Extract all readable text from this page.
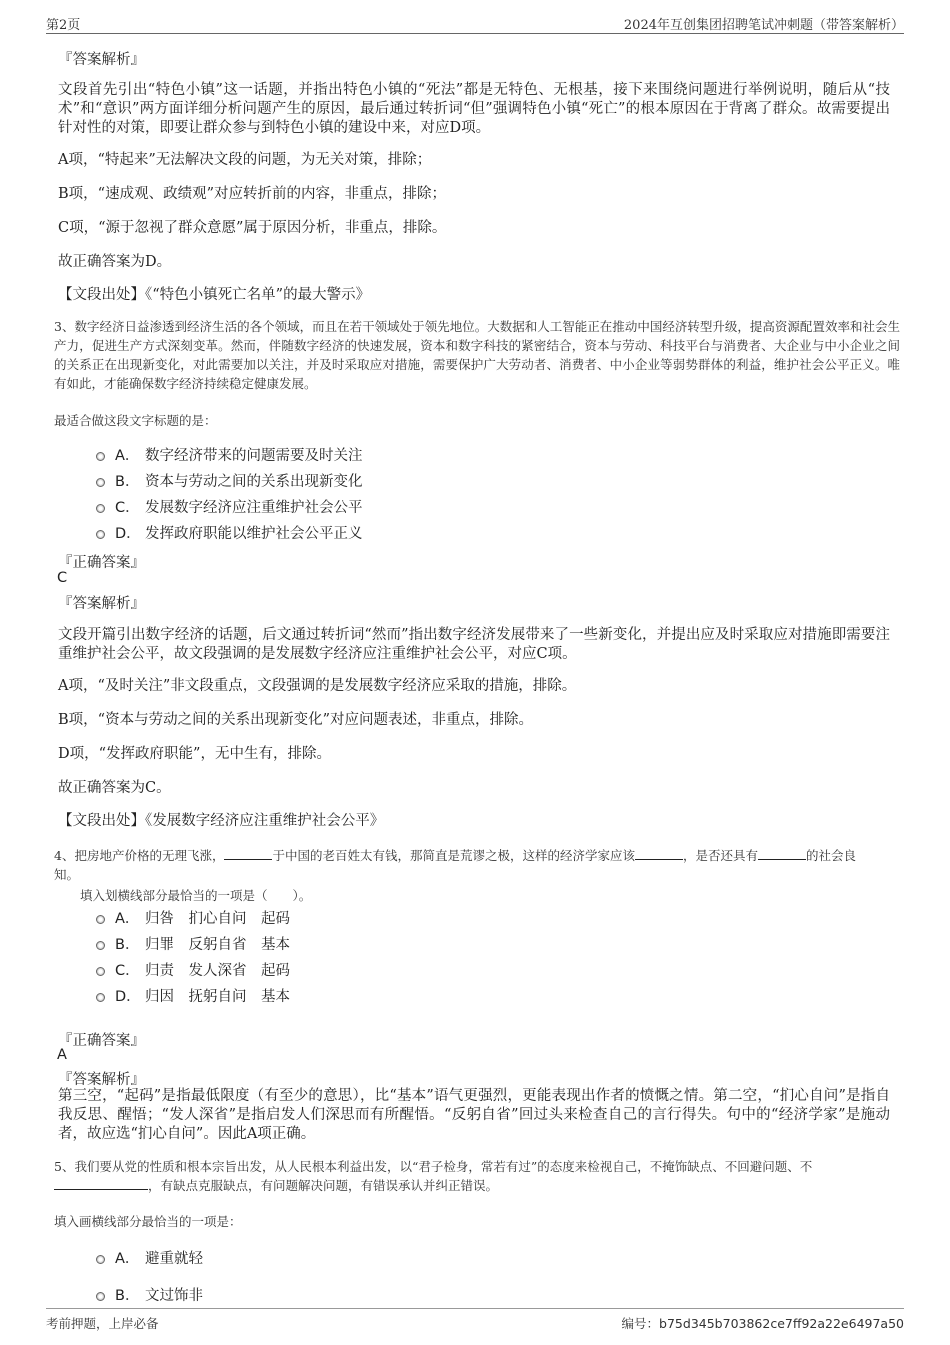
第2页	2024年互创集团招聘笔试冲刺题（带答案解析）
『答案解析』
文段首先引出“特色小镇”这一话题，并指出特色小镇的“死法”都是无特色、无根基，接下来围绕问题进行举例说明，随后从“技术”和“意识”两方面详细分析问题产生的原因，最后通过转折词“但”强调特色小镇“死亡”的根本原因在于背离了群众。故需要提出针对性的对策，即要让群众参与到特色小镇的建设中来，对应D项。
A项，“特起来”无法解决文段的问题，为无关对策，排除；
B项，“速成观、政绩观”对应转折前的内容，非重点，排除；
C项，“源于忽视了群众意愿”属于原因分析，非重点，排除。
故正确答案为D。
【文段出处】《“特色小镇死亡名单”的最大警示》
3、数字经济日益渗透到经济生活的各个领域，而且在若干领域处于领先地位。大数据和人工智能正在推动中国经济转型升级，提高资源配置效率和社会生产力，促进生产方式深刻变革。然而，伴随数字经济的快速发展，资本和数字科技的紧密结合，资本与劳动、科技平台与消费者、大企业与中小企业之间的关系正在出现新变化，对此需要加以关注，并及时采取应对措施，需要保护广大劳动者、消费者、中小企业等弱势群体的利益，维护社会公平正义。唯有如此，才能确保数字经济持续稳定健康发展。
最适合做这段文字标题的是：
A． 数字经济带来的问题需要及时关注
B． 资本与劳动之间的关系出现新变化
C． 发展数字经济应注重维护社会公平
D． 发挥政府职能以维护社会公平正义
『正确答案』
C
『答案解析』
文段开篇引出数字经济的话题，后文通过转折词“然而”指出数字经济发展带来了一些新变化，并提出应及时采取应对措施即需要注重维护社会公平，故文段强调的是发展数字经济应注重维护社会公平，对应C项。
A项，“及时关注”非文段重点，文段强调的是发展数字经济应采取的措施，排除。
B项，“资本与劳动之间的关系出现新变化”对应问题表述，非重点，排除。
D项，“发挥政府职能”，无中生有，排除。
故正确答案为C。
【文段出处】《发展数字经济应注重维护社会公平》
4、把房地产价格的无理飞涨，	于中国的老百姓太有钱，那简直是荒谬之极，这样的经济学家应该	，是否还具有	的社会良
知。
填入划横线部分最恰当的一项是（　　）。
A． 归咎　扪心自问　起码
B． 归罪　反躬自省　基本
C． 归责　发人深省　起码
D． 归因　抚躬自问　基本
『正确答案』
A
『答案解析』
第三空，“起码”是指最低限度（有至少的意思），比“基本”语气更强烈，更能表现出作者的愤慨之情。第二空，“扪心自问”是指自我反思、醒悟；“发人深省”是指启发人们深思而有所醒悟。“反躬自省”回过头来检查自己的言行得失。句中的“经济学家”是施动者，故应选“扪心自问”。因此A项正确。
5、我们要从党的性质和根本宗旨出发，从人民根本利益出发，以“君子检身，常若有过”的态度来检视自己，不掩饰缺点、不回避问题、不
，有缺点克服缺点，有问题解决问题，有错误承认并纠正错误。
填入画横线部分最恰当的一项是：
A． 避重就轻
B． 文过饰非
考前押题，上岸必备	编号：b75d345b703862ce7ff92a22e6497a50
